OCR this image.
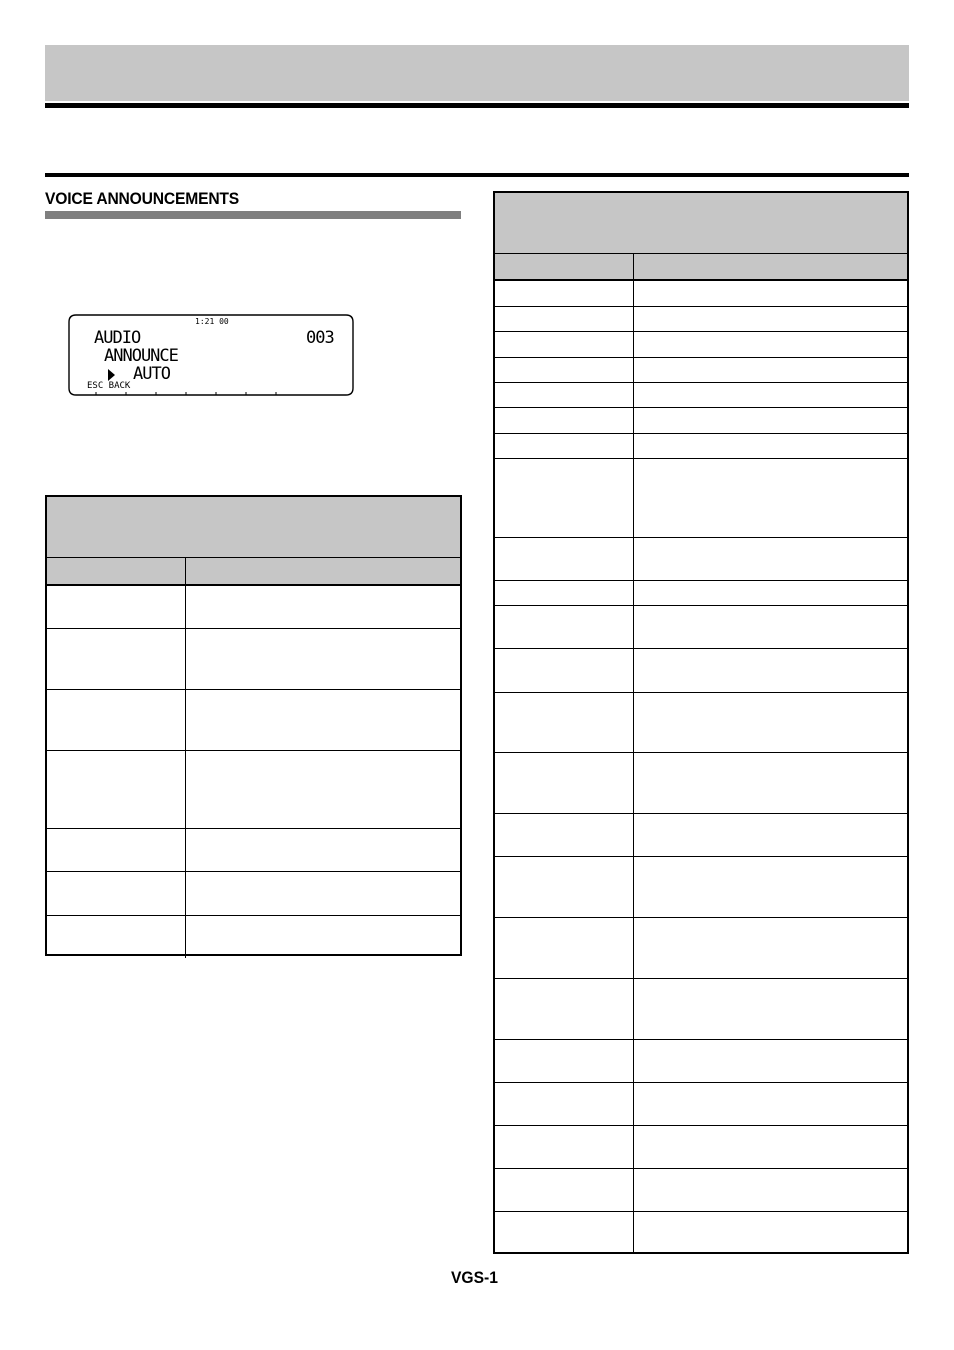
VOICE ANNOUNCEMENTS
1:21 00
AUDIO	003
ANNOUNCE
AUTO
ESC BACK
VGS-1
